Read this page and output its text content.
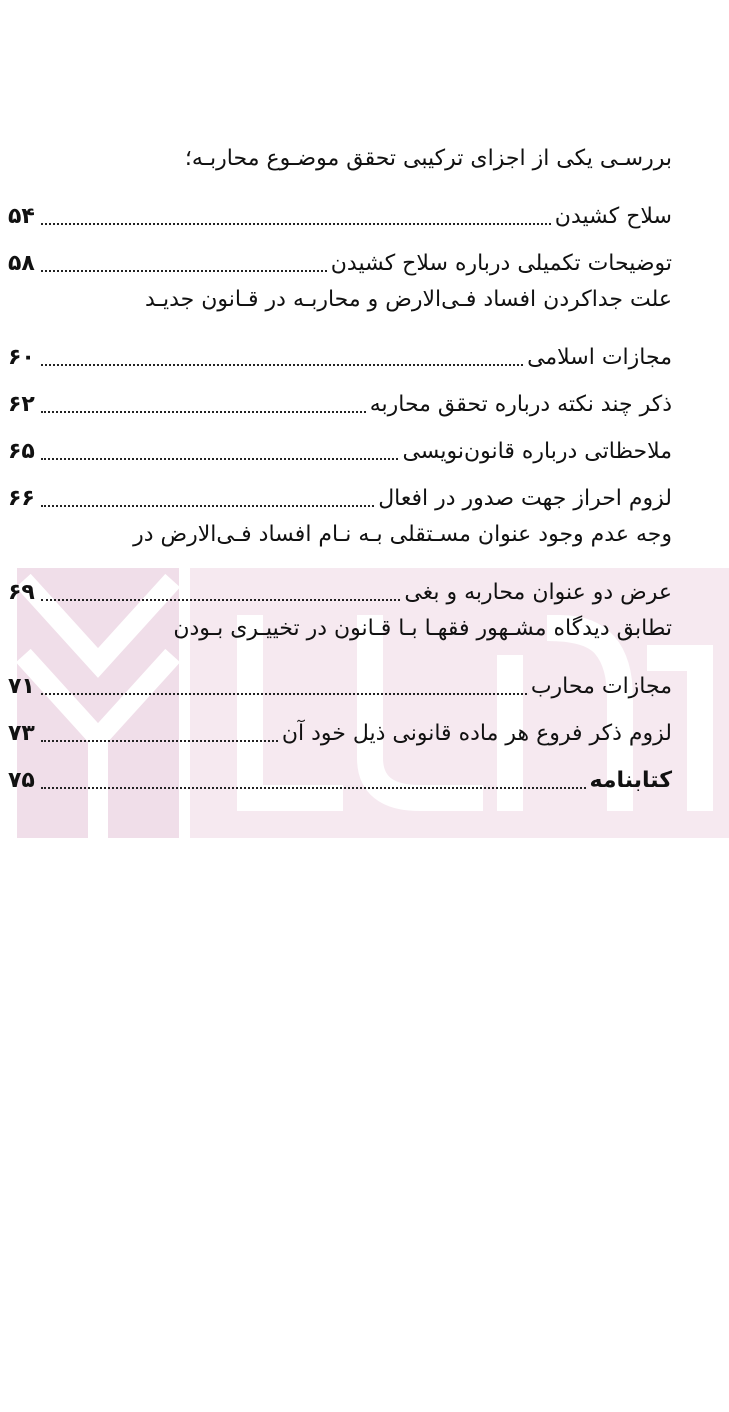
بررسـی یکی از اجزای ترکیبی تحقق موضـوع محاربـه؛
سلاح کشیدن
۵۴
توضیحات تکمیلی درباره سلاح کشیدن
۵۸
علت جداکردن افساد فـی‌الارض و محاربـه در قـانون جدیـد
مجازات اسلامی
۶۰
ذکر چند نکته درباره تحقق محاربه
۶۲
ملاحظاتی درباره قانون‌نویسی
۶۵
لزوم احراز جهت صدور در افعال
۶۶
وجه عدم وجود عنوان مسـتقلی بـه نـام افساد فـی‌الارض در
عرض دو عنوان محاربه و بغی
۶۹
تطابق دیدگاه مشـهور فقهـا بـا قـانون در تخییـری بـودن
مجازات محارب
۷۱
لزوم ذکر فروع هر ماده قانونی ذیل خود آن
۷۳
کتابنامه
۷۵
